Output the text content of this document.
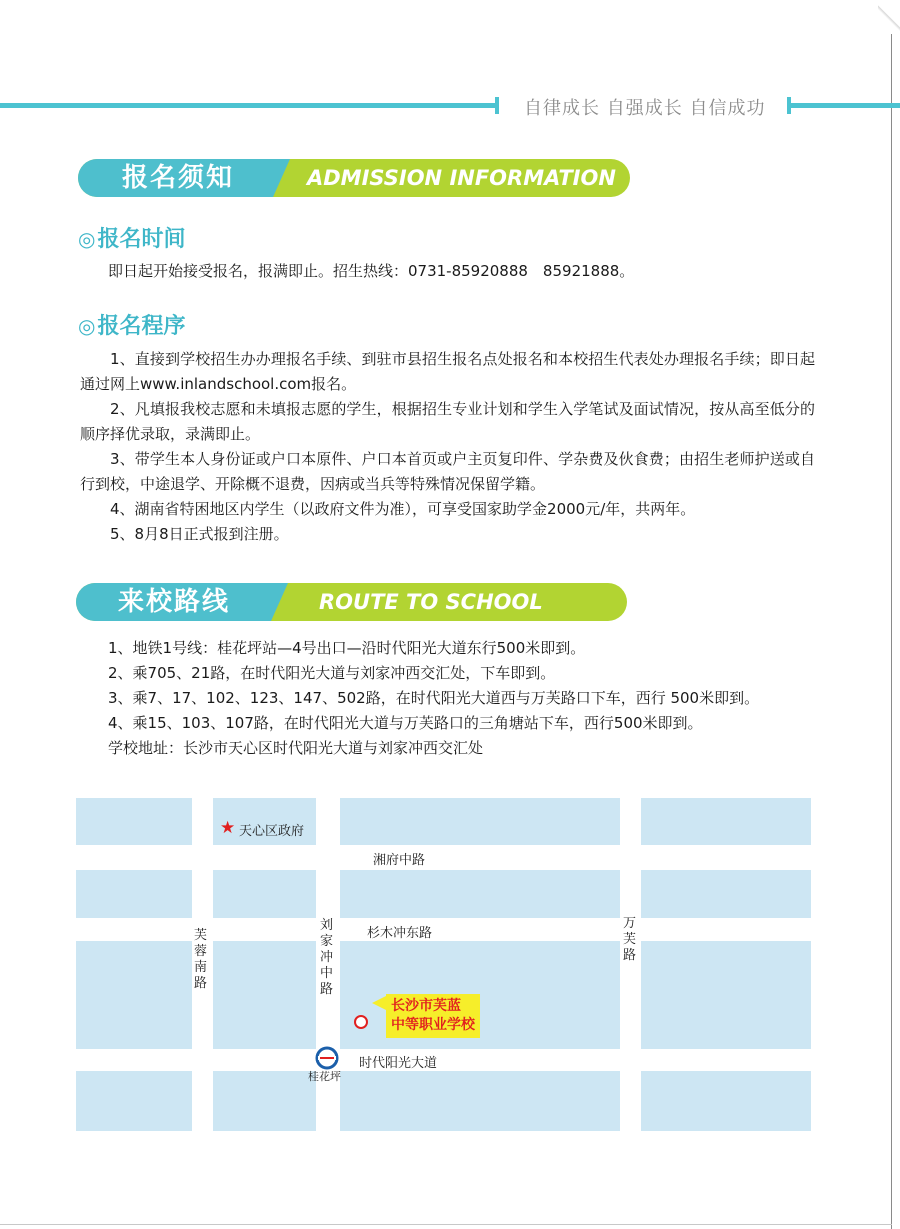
自律成长 自强成长 自信成功
报名须知	ADMISSION INFORMATION
◎报名时间

即日起开始接受报名，报满即止。招生热线：0731-85920888　85921888。

◎报名程序

1、直接到学校招生办办理报名手续、到驻市县招生报名点处报名和本校招生代表处办理报名手续；即日起通过网上www.inlandschool.com报名。

2、凡填报我校志愿和未填报志愿的学生，根据招生专业计划和学生入学笔试及面试情况，按从高至低分的顺序择优录取，录满即止。

3、带学生本人身份证或户口本原件、户口本首页或户主页复印件、学杂费及伙食费；由招生老师护送或自行到校，中途退学、开除概不退费，因病或当兵等特殊情况保留学籍。

4、湖南省特困地区内学生（以政府文件为准），可享受国家助学金2000元/年，共两年。

5、8月8日正式报到注册。

来校路线	ROUTE TO SCHOOL

1、地铁1号线：桂花坪站—4号出口—沿时代阳光大道东行500米即到。

2、乘705、21路，在时代阳光大道与刘家冲西交汇处，下车即到。

3、乘7、17、102、123、147、502路，在时代阳光大道西与万芙路口下车，西行 500米即到。

4、乘15、103、107路，在时代阳光大道与万芙路口的三角塘站下车，西行500米即到。

学校地址：长沙市天心区时代阳光大道与刘家冲西交汇处

★ 天心区政府
湘府中路
杉木冲东路
芙蓉南路
刘家冲中路
万芙路
时代阳光大道
长沙市芙蓝
中等职业学校
桂花坪
